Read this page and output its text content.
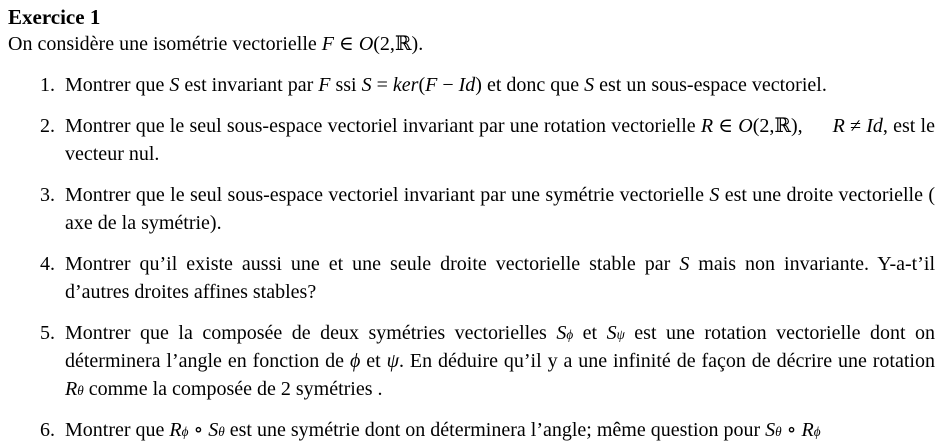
Exercice 1

On considère une isométrie vectorielle F ∈ O(2,ℝ).

1. Montrer que S est invariant par F ssi S = ker(F − Id) et donc que S est un sous-espace vectoriel.
2. Montrer que le seul sous-espace vectoriel invariant par une rotation vectorielle R ∈ O(2,ℝ),  R ≠ Id, est le vecteur nul.
3. Montrer que le seul sous-espace vectoriel invariant par une symétrie vectorielle S est une droite vectorielle ( axe de la symétrie).
4. Montrer qu’il existe aussi une et une seule droite vectorielle stable par S mais non invariante. Y-a-t’il d’autres droites affines stables?
5. Montrer que la composée de deux symétries vectorielles $S_\phi$ et $S_\psi$ est une rotation vectorielle dont on déterminera l’angle en fonction de ϕ et ψ. En déduire qu’il y a une infinité de façon de décrire une rotation $R_\theta$ comme la composée de 2 symétries .
6. Montrer que $R_\phi$ ∘ $S_\theta$ est une symétrie dont on déterminera l’angle; même question pour $S_\theta$ ∘ $R_\phi$
